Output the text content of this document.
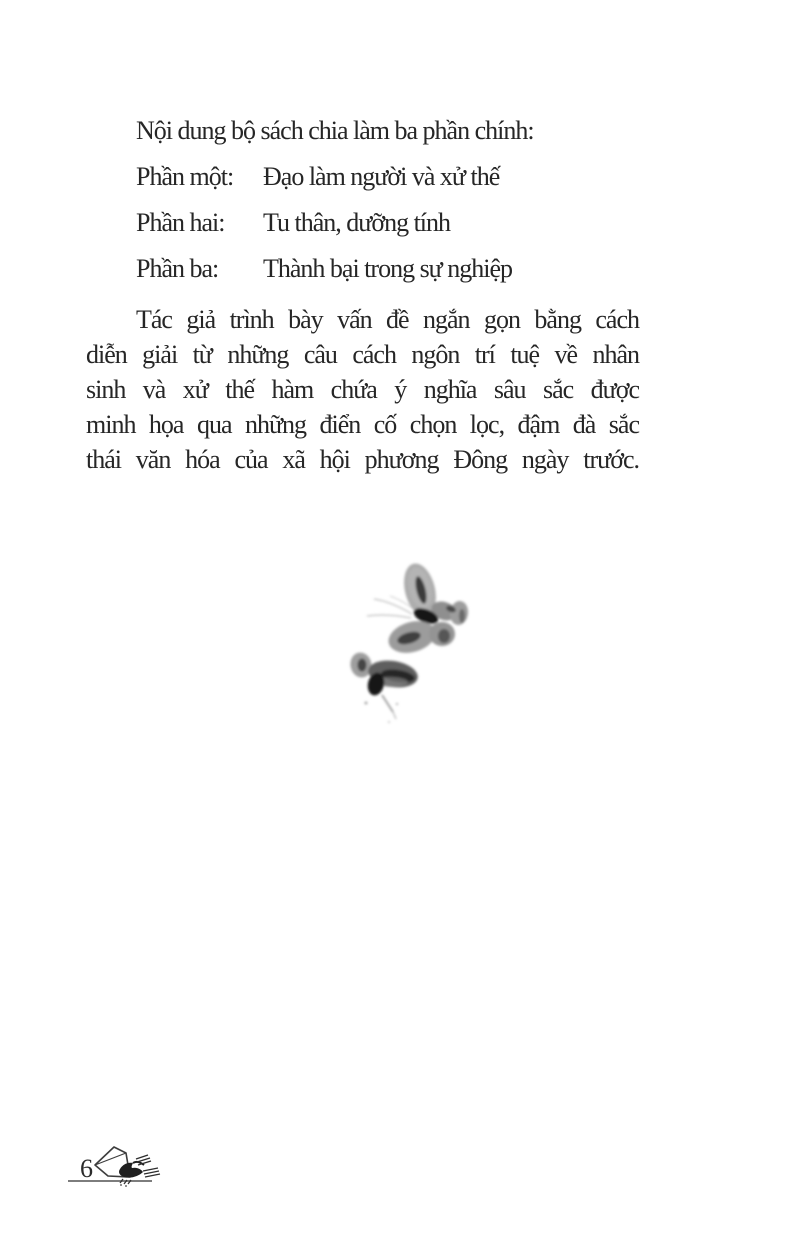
Nội dung bộ sách chia làm ba phần chính:

Phần một:	Đạo làm người và xử thế
Phần hai:	Tu thân, dưỡng tính
Phần ba:	Thành bại trong sự nghiệp
Tác giả trình bày vấn đề ngắn gọn bằng cách
diễn giải từ những câu cách ngôn trí tuệ về nhân
sinh và xử thế hàm chứa ý nghĩa sâu sắc được
minh họa qua những điển cố chọn lọc, đậm đà sắc
thái văn hóa của xã hội phương Đông ngày trước.
6
